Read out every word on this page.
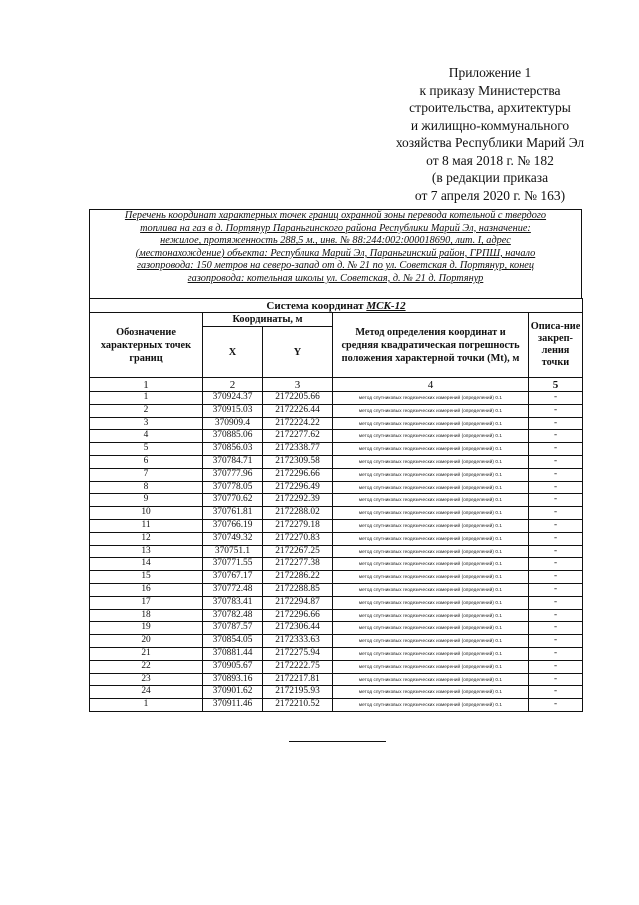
Приложение 1
к приказу Министерства
строительства, архитектуры
и жилищно-коммунального
хозяйства Республики Марий Эл
от 8 мая 2018 г. № 182
(в редакции приказа
от 7 апреля 2020 г. № 163)
Перечень координат характерных точек границ охранной зоны перевода котельной с твердого
топлива на газ в д. Портянур Параньгинского района Республики Марий Эл, назначение:
нежилое, протяженность 288,5 м., инв. № 88:244:002:000018690, лит. I, адрес
(местонахождение) объекта: Республика Марий Эл, Параньгинский район, ГРПШ, начало
газопровода: 150 метров на северо-запад от д. № 21 по ул. Советская д. Портянур, конец
газопровода: котельная школы ул. Советская, д. № 21 д. Портянур
Система координат МСК-12				
Обозначение характерных точек границ	Координаты, м		Метод определения координат и средняя квадратическая погрешность положения характерной точки (Mt), м	Описа-ние закреп-ления точки
	X	Y		
1	2	3	4	5
1	370924.37	2172205.66	метод спутниковых геодезических измерений (определений) 0.1	-
2	370915.03	2172226.44	метод спутниковых геодезических измерений (определений) 0.1	-
3	370909.4	2172224.22	метод спутниковых геодезических измерений (определений) 0.1	-
4	370885.06	2172277.62	метод спутниковых геодезических измерений (определений) 0.1	-
5	370856.03	2172338.77	метод спутниковых геодезических измерений (определений) 0.1	-
6	370784.71	2172309.58	метод спутниковых геодезических измерений (определений) 0.1	-
7	370777.96	2172296.66	метод спутниковых геодезических измерений (определений) 0.1	-
8	370778.05	2172296.49	метод спутниковых геодезических измерений (определений) 0.1	-
9	370770.62	2172292.39	метод спутниковых геодезических измерений (определений) 0.1	-
10	370761.81	2172288.02	метод спутниковых геодезических измерений (определений) 0.1	-
11	370766.19	2172279.18	метод спутниковых геодезических измерений (определений) 0.1	-
12	370749.32	2172270.83	метод спутниковых геодезических измерений (определений) 0.1	-
13	370751.1	2172267.25	метод спутниковых геодезических измерений (определений) 0.1	-
14	370771.55	2172277.38	метод спутниковых геодезических измерений (определений) 0.1	-
15	370767.17	2172286.22	метод спутниковых геодезических измерений (определений) 0.1	-
16	370772.48	2172288.85	метод спутниковых геодезических измерений (определений) 0.1	-
17	370783.41	2172294.87	метод спутниковых геодезических измерений (определений) 0.1	-
18	370782.48	2172296.66	метод спутниковых геодезических измерений (определений) 0.1	-
19	370787.57	2172306.44	метод спутниковых геодезических измерений (определений) 0.1	-
20	370854.05	2172333.63	метод спутниковых геодезических измерений (определений) 0.1	-
21	370881.44	2172275.94	метод спутниковых геодезических измерений (определений) 0.1	-
22	370905.67	2172222.75	метод спутниковых геодезических измерений (определений) 0.1	-
23	370893.16	2172217.81	метод спутниковых геодезических измерений (определений) 0.1	-
24	370901.62	2172195.93	метод спутниковых геодезических измерений (определений) 0.1	-
1	370911.46	2172210.52	метод спутниковых геодезических измерений (определений) 0.1	-
